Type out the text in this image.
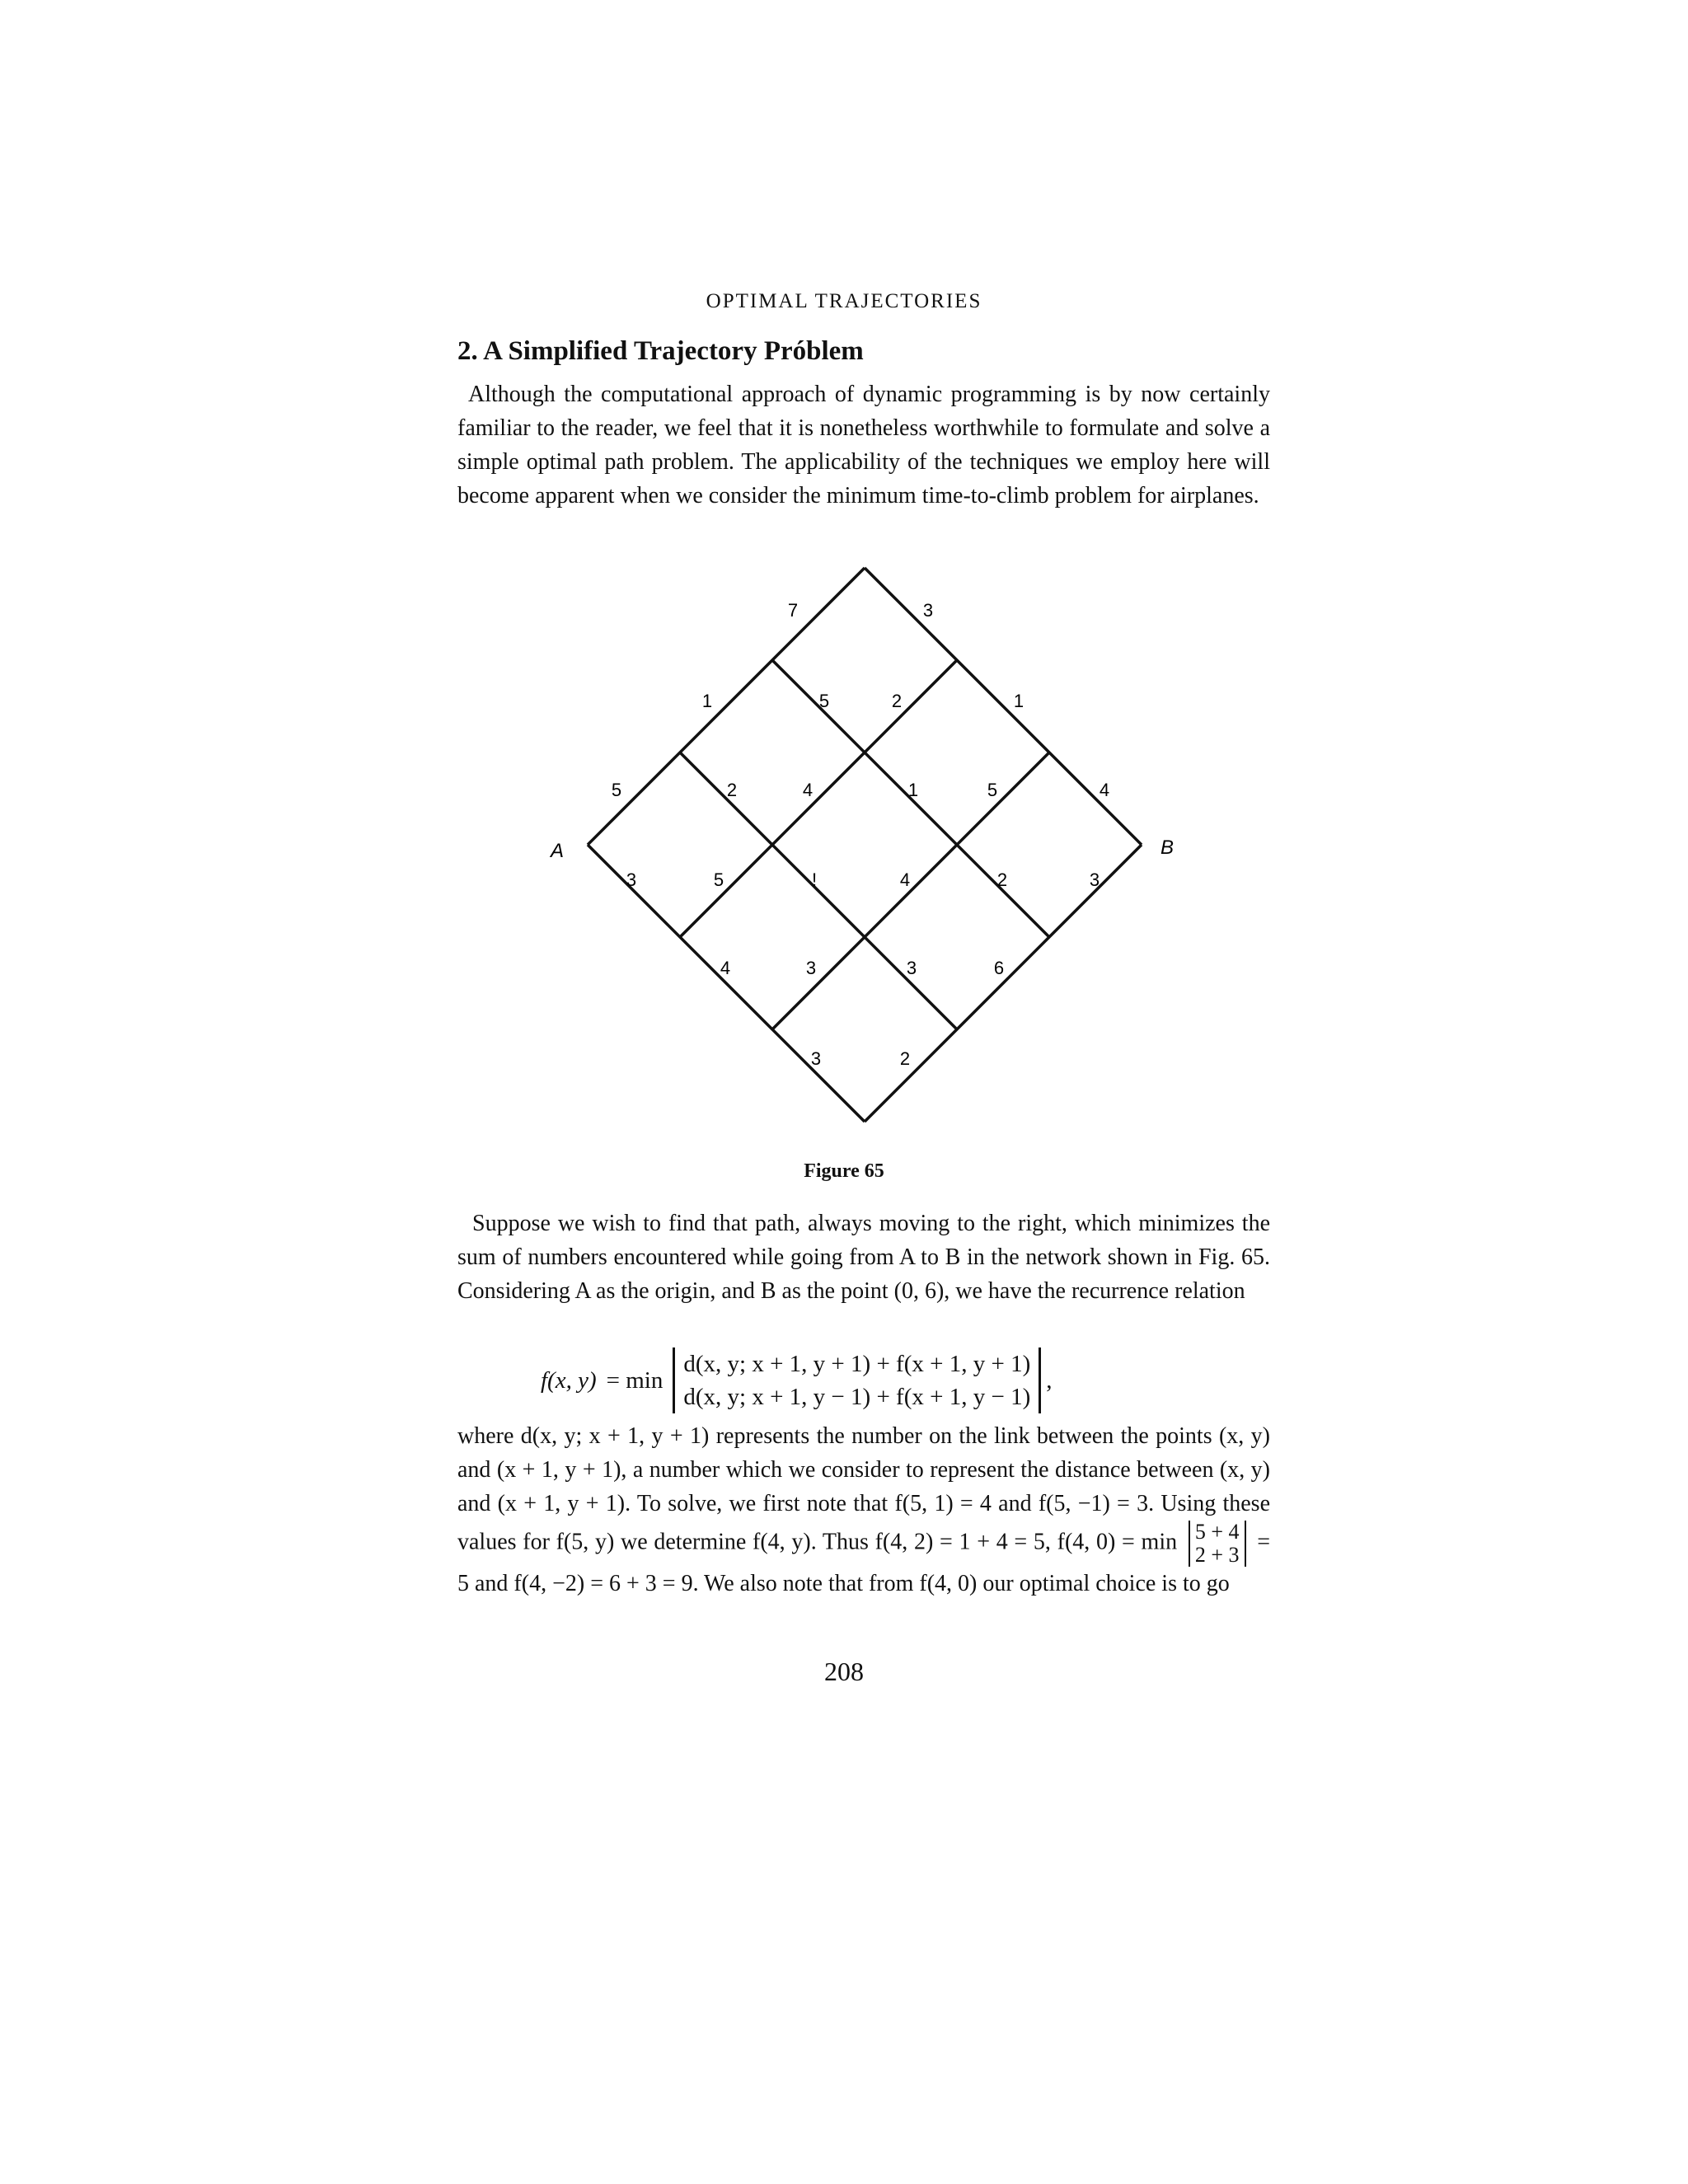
OPTIMAL TRAJECTORIES
2. A Simplified Trajectory Próblem
Although the computational approach of dynamic programming is by now certainly familiar to the reader, we feel that it is nonetheless worthwhile to formulate and solve a simple optimal path problem. The applicability of the techniques we employ here will become apparent when we consider the minimum time-to-climb problem for airplanes.
7	3
1	5	2	1
5	2	4	1	5	4
3	5	!	4	2	3
4	3	3	6
3	2
A	B
Figure 65
Suppose we wish to find that path, always moving to the right, which minimizes the sum of numbers encountered while going from A to B in the network shown in Fig. 65. Considering A as the origin, and B as the point (0, 6), we have the recurrence relation
f(x, y) = min
d(x, y; x + 1, y + 1) + f(x + 1, y + 1)
d(x, y; x + 1, y − 1) + f(x + 1, y − 1)
,
where d(x, y; x + 1, y + 1) represents the number on the link between the points (x, y) and (x + 1, y + 1), a number which we consider to represent the distance between (x, y) and (x + 1, y + 1). To solve, we first note that f(5, 1) = 4 and f(5, −1) = 3. Using these values for f(5, y) we determine f(4, y). Thus f(4, 2) = 1 + 4 = 5, f(4, 0) = min 5 + 4
2 + 3
= 5 and f(4, −2) = 6 + 3 = 9. We also note that from f(4, 0) our optimal choice is to go
208
